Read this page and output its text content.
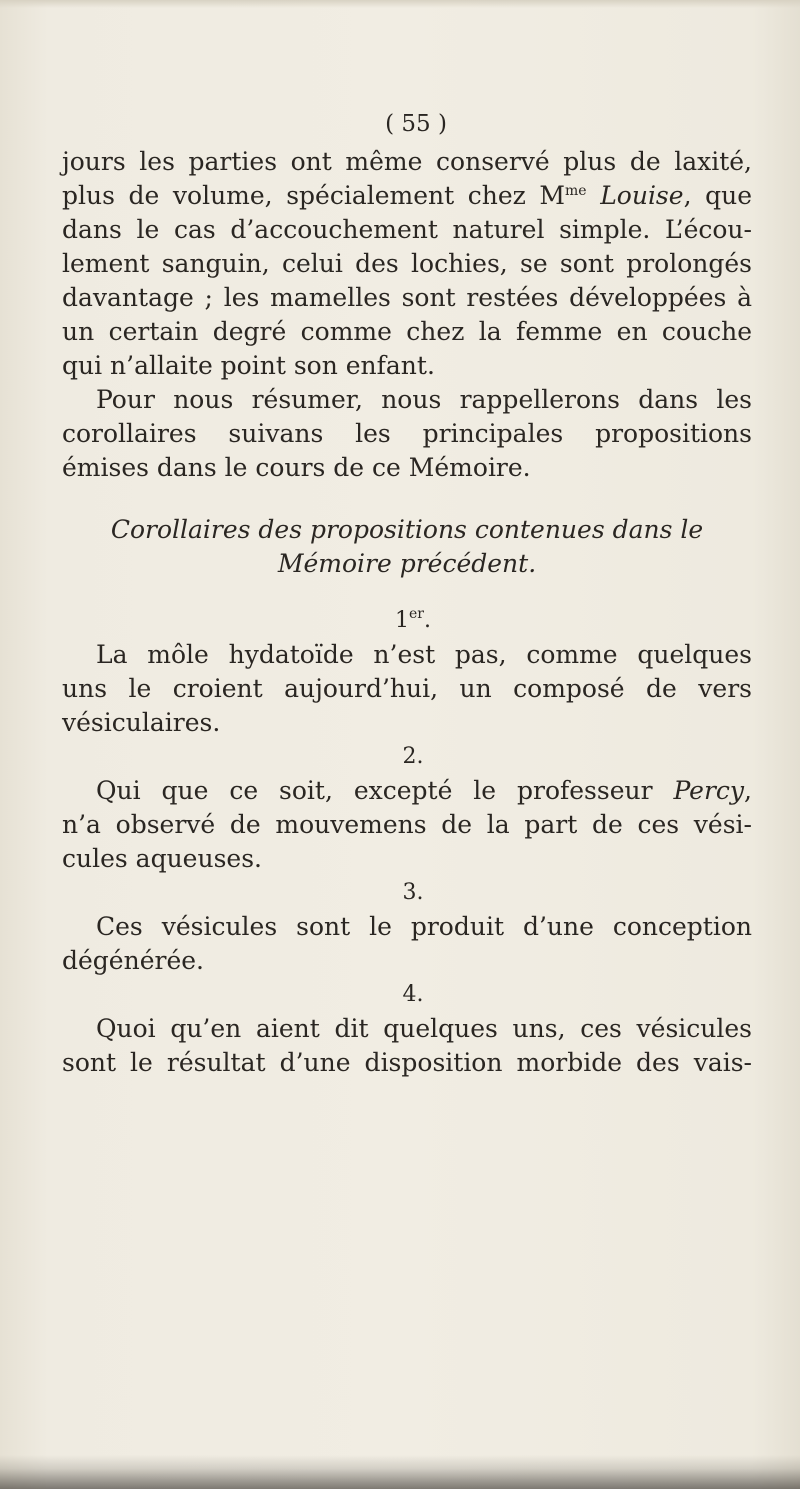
( 55 )
jours les parties ont même conservé plus de laxité,
plus de volume, spécialement chez $M^{me}$ Louise, que
dans le cas d’accouchement naturel simple. L’écou-
lement sanguin, celui des lochies, se sont prolongés
davantage ; les mamelles sont restées développées à
un certain degré comme chez la femme en couche
qui n’allaite point son enfant.
Pour nous résumer, nous rappellerons dans les
corollaires suivans les principales propositions
émises dans le cours de ce Mémoire.
Corollaires des propositions contenues dans le
Mémoire précédent.
1er.
La môle hydatoïde n’est pas, comme quelques
uns le croient aujourd’hui, un composé de vers
vésiculaires.
2.
Qui que ce soit, excepté le professeur Percy,
n’a observé de mouvemens de la part de ces vési-
cules aqueuses.
3.
Ces vésicules sont le produit d’une conception
dégénérée.
4.
Quoi qu’en aient dit quelques uns, ces vésicules
sont le résultat d’une disposition morbide des vais-
